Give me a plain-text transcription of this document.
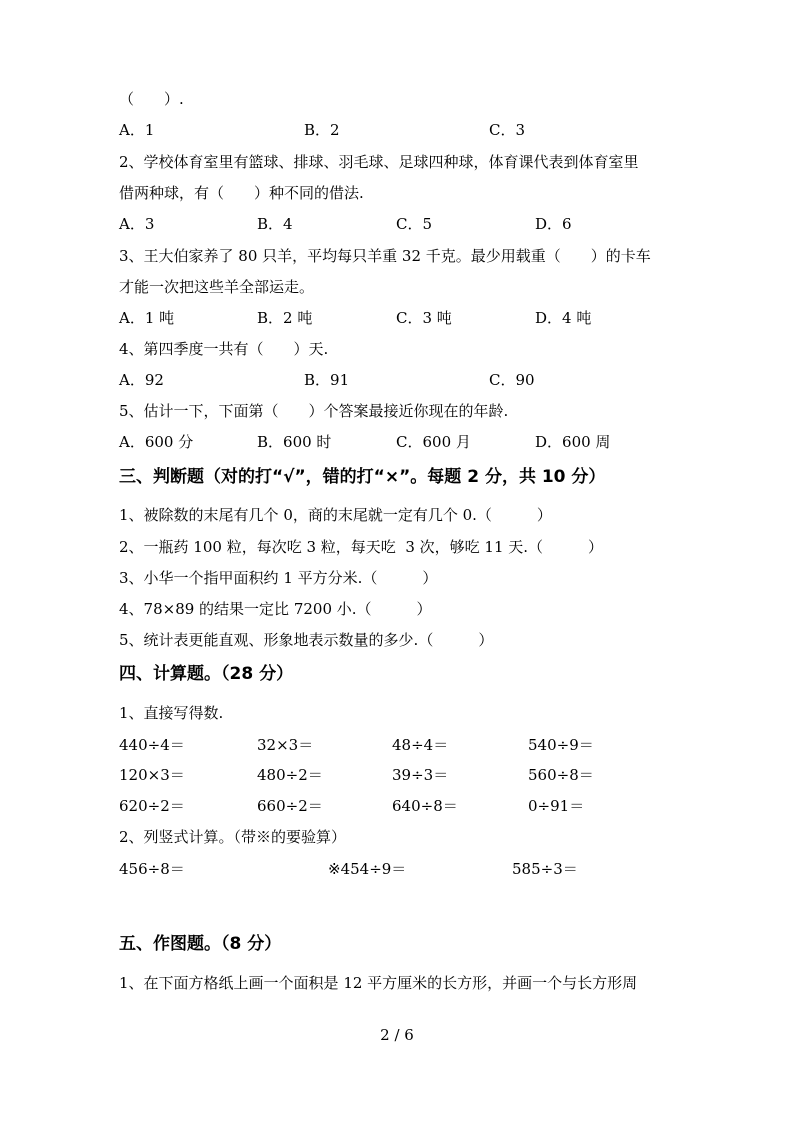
（　　）.
A．1	B．2	C．3
2、学校体育室里有篮球、排球、羽毛球、足球四种球，体育课代表到体育室里
借两种球，有（　　）种不同的借法.
A．3	B．4	C．5	D．6
3、王大伯家养了 80 只羊，平均每只羊重 32 千克。最少用载重（　　）的卡车
才能一次把这些羊全部运走。
A．1 吨	B．2 吨	C．3 吨	D．4 吨
4、第四季度一共有（　　）天.
A．92	B．91	C．90
5、估计一下，下面第（　　）个答案最接近你现在的年龄.
A．600 分	B．600 时	C．600 月	D．600 周
三、判断题（对的打“√”，错的打“×”。每题 2 分，共 10 分）
1、被除数的末尾有几个 0，商的末尾就一定有几个 0.（　　　）
2、一瓶药 100 粒，每次吃 3 粒，每天吃  3 次，够吃 11 天.（　　　）
3、小华一个指甲面积约 1 平方分米.（　　　）
4、78×89 的结果一定比 7200 小.（　　　）
5、统计表更能直观、形象地表示数量的多少.（　　　）
四、计算题。（28 分）
1、直接写得数.
440÷4＝	32×3＝	48÷4＝	540÷9＝
120×3＝	480÷2＝	39÷3＝	560÷8＝
620÷2＝	660÷2＝	640÷8＝	0÷91＝
2、列竖式计算。（带※的要验算）
456÷8＝	※454÷9＝	585÷3＝
五、作图题。（8 分）
1、在下面方格纸上画一个面积是 12 平方厘米的长方形，并画一个与长方形周
2 / 6
